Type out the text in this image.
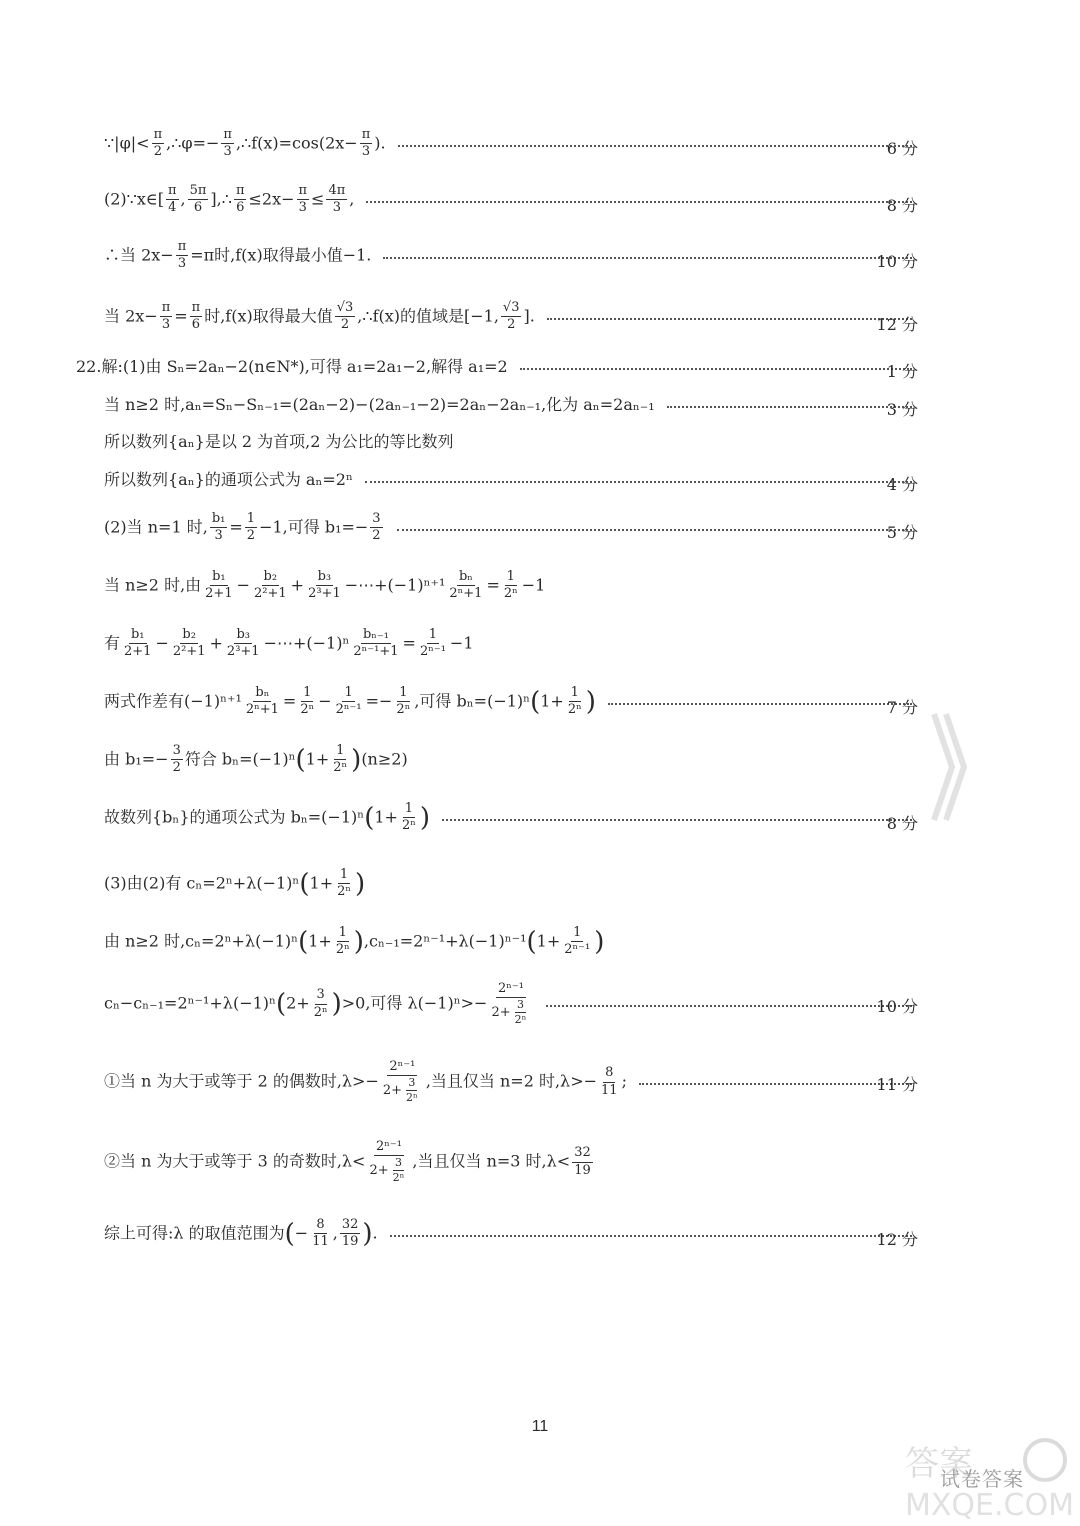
∵|φ|< $\frac{\pi}{2}$ ,∴φ=− $\frac{\pi}{3}$ ,∴f(x)=cos(2x− $\frac{\pi}{3}$ ).	6 分
(2)∵x∈[ $\frac{\pi}{4}$ , $\frac{5\pi}{6}$ ],∴ $\frac{\pi}{6} \le 2x- \frac{\pi}{3} \le \frac{4\pi}{3}$ ,	8 分
∴当 $2x- \frac{\pi}{3} =\pi$时,f(x)取得最小值−1.	10 分
当 $2x- \frac{\pi}{3} = \frac{\pi}{6}$ 时,f(x)取得最大值 $\frac{√3}{2}$ ,∴f(x)的值域是[−1, $\frac{√3}{2}$ ].	12 分
22.解:(1)由 Sₙ=2aₙ−2(n∈N*),可得 a₁=2a₁−2,解得 a₁=2	1 分
当 n≥2 时,aₙ=Sₙ−Sₙ₋₁=(2aₙ−2)−(2aₙ₋₁−2)=2aₙ−2aₙ₋₁,化为 aₙ=2aₙ₋₁	3 分
所以数列{aₙ}是以 2 为首项,2 为公比的等比数列
所以数列{aₙ}的通项公式为 aₙ=2ⁿ	4 分
(2)当 n=1 时, $\frac{\text{b₁}}{3} = \frac{1}{2} -1$,可得 $b_1=- \frac{3}{2}$	5 分
当 n≥2 时,由 $\frac{\text{b₁}}{2+1} - \frac{\text{b₂}}{\text{2²+1}} + \frac{\text{b₃}}{\text{2³+1}}$ −⋯+(−1)ⁿ⁺¹ $\frac{\text{bₙ}}{\text{2ⁿ+1}} = \frac{1}{\text{2ⁿ}} -1$
有 $\frac{\text{b₁}}{2+1} - \frac{\text{b₂}}{\text{2²+1}} + \frac{\text{b₃}}{\text{2³+1}}$ −⋯+(−1)ⁿ $\frac{\text{bₙ₋₁}}{\text{2ⁿ⁻¹+1}} = \frac{1}{\text{2ⁿ⁻¹}} -1$
两式作差有$(-1)^{n+1} \frac{\text{bₙ}}{\text{2ⁿ+1}} = \frac{1}{\text{2ⁿ}} - \frac{1}{\text{2ⁿ⁻¹}} =- \frac{1}{\text{2ⁿ}}$ ,可得 $b_n=(-1)^n(1+ \frac{1}{\text{2ⁿ}}$ )	7 分
由 $b_1=- \frac{3}{2}$ 符合 $b_n=(-1)^n(1+ \frac{1}{\text{2ⁿ}} )(n\ge 2)$
故数列{bₙ}的通项公式为 $b_n=(-1)^n(1+ \frac{1}{\text{2ⁿ}}$ )	8 分
(3)由(2)有 $c_n=2^n+\lambda(-1)^n(1+ \frac{1}{\text{2ⁿ}}$ )
由 n≥2 时$,c_n=2^n+\lambda(-1)^n(1+ \frac{1}{\text{2ⁿ}} ),c_{n-1}=2^{n-1}+\lambda(-1)^{n-1}(1+ \frac{1}{\text{2ⁿ⁻¹}}$ )
$c_n-c_{n-1}=2^{n-1}+\lambda(-1)^n(2+ \frac{3}{\text{2ⁿ}} )>0$,可得 $\lambda(-1)^n>- \frac{\text{2ⁿ⁻¹}}{2+ \frac{3}{\text{2ⁿ}}}$	10 分
①当 n 为大于或等于 2 的偶数时$,\lambda>- \frac{\text{2ⁿ⁻¹}}{2+ \frac{3}{\text{2ⁿ}}}$ ,当且仅当 n=2 时$,\lambda>- \frac{8}{11}$ ;	11 分
②当 n 为大于或等于 3 的奇数时$,\lambda< \frac{\text{2ⁿ⁻¹}}{2+ \frac{3}{\text{2ⁿ}}}$ ,当且仅当 n=3 时$,\lambda< \frac{32}{19}$
综上可得:λ 的取值范围为(− $\frac{8}{11}$ , $\frac{32}{19}$ ).	12 分
11
答案
MXQE.COM
试卷答案
